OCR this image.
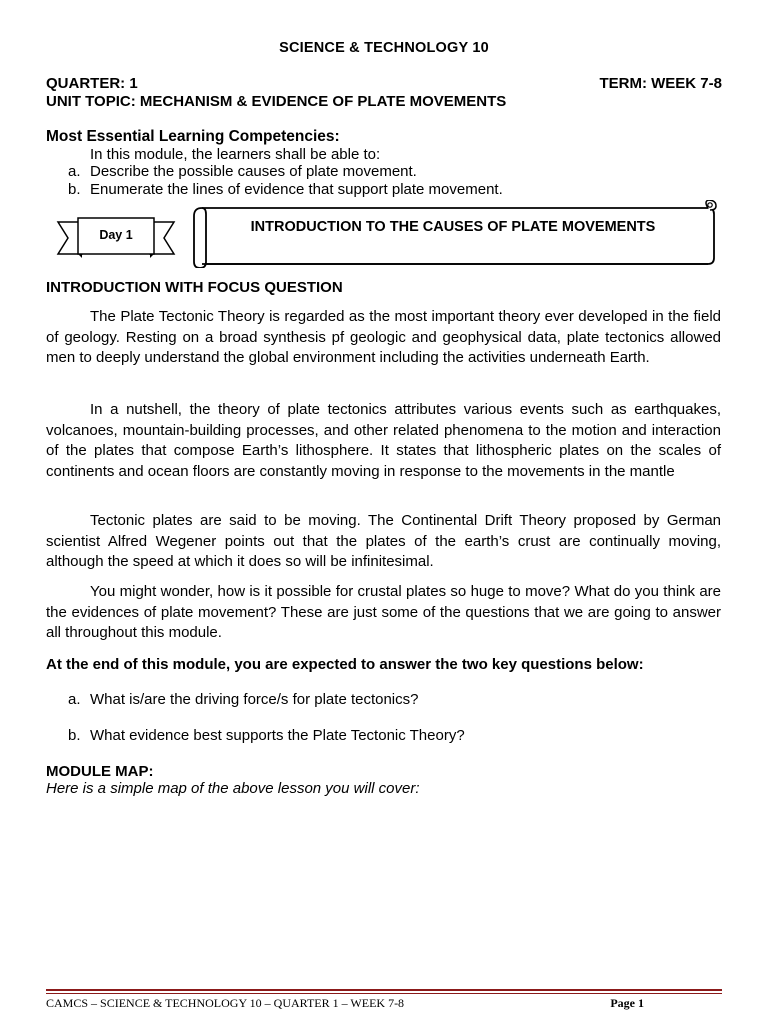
SCIENCE & TECHNOLOGY 10
QUARTER: 1	TERM: WEEK 7-8
UNIT TOPIC: MECHANISM & EVIDENCE OF PLATE MOVEMENTS
Most Essential Learning Competencies:
In this module, the learners shall be able to:
a. Describe the possible causes of plate movement.
b. Enumerate the lines of evidence that support plate movement.
Day 1	INTRODUCTION TO THE CAUSES OF PLATE MOVEMENTS
INTRODUCTION WITH FOCUS QUESTION

The Plate Tectonic Theory is regarded as the most important theory ever developed in the field of geology. Resting on a broad synthesis pf geologic and geophysical data, plate tectonics allowed men to deeply understand the global environment including the activities underneath Earth.

In a nutshell, the theory of plate tectonics attributes various events such as earthquakes, volcanoes, mountain-building processes, and other related phenomena to the motion and interaction of the plates that compose Earth’s lithosphere. It states that lithospheric plates on the scales of continents and ocean floors are constantly moving in response to the movements in the mantle

Tectonic plates are said to be moving. The Continental Drift Theory proposed by German scientist Alfred Wegener points out that the plates of the earth’s crust are continually moving, although the speed at which it does so will be infinitesimal.

You might wonder, how is it possible for crustal plates so huge to move? What do you think are the evidences of plate movement? These are just some of the questions that we are going to answer all throughout this module.

At the end of this module, you are expected to answer the two key questions below:

a. What is/are the driving force/s for plate tectonics?
b. What evidence best supports the Plate Tectonic Theory?
MODULE MAP:
Here is a simple map of the above lesson you will cover:
CAMCS – SCIENCE & TECHNOLOGY 10 – QUARTER 1 – WEEK 7-8	Page 1
